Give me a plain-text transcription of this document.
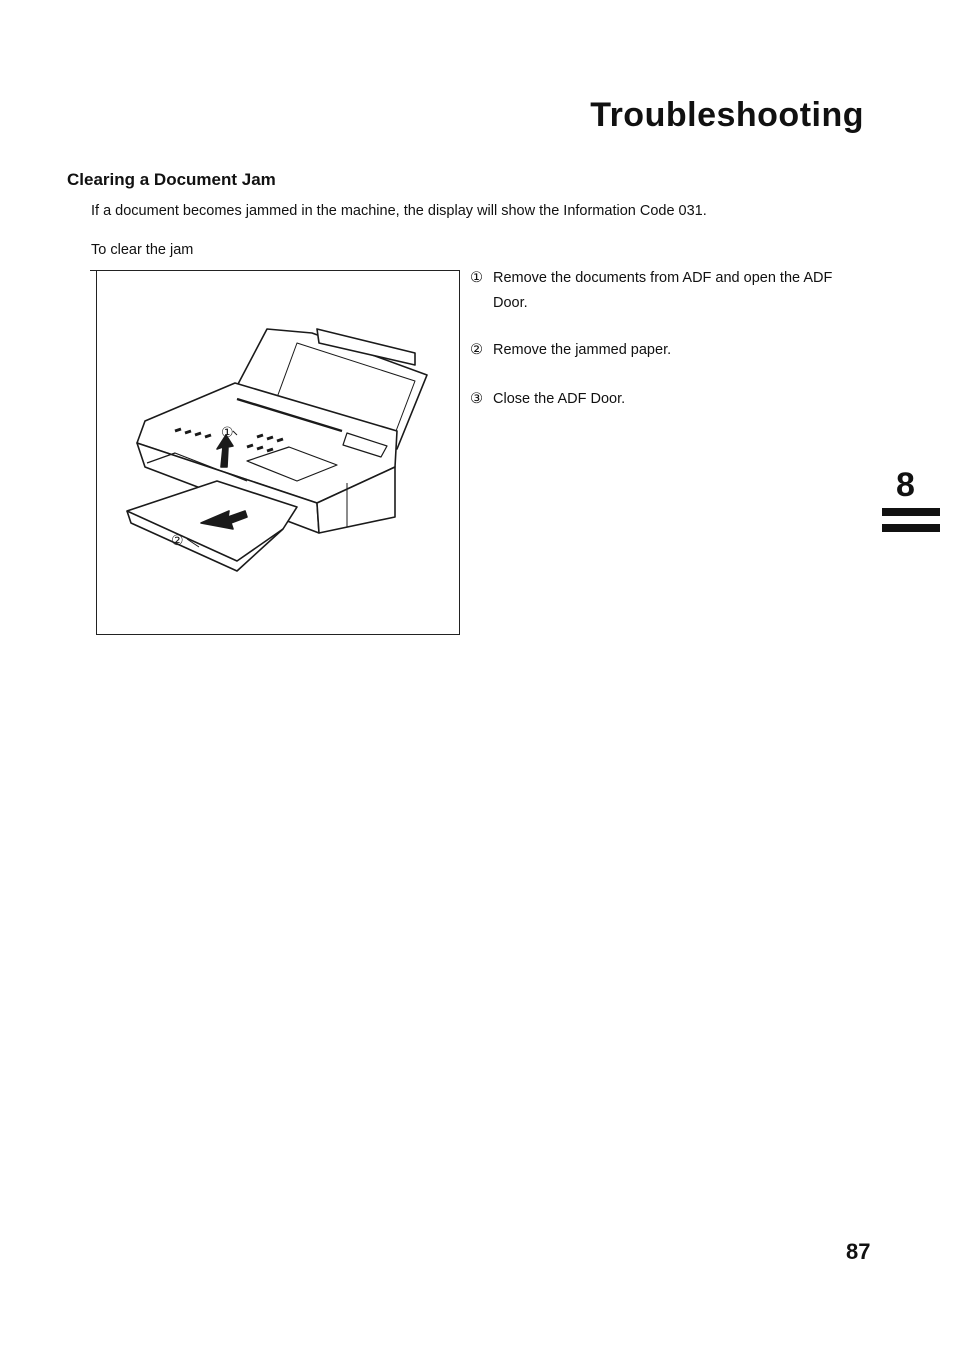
Troubleshooting
Clearing a Document Jam

If a document becomes jammed in the machine, the display will show the Information Code 031.

To clear the jam

①
②
① Remove the documents from ADF and open the ADF Door.
② Remove the jammed paper.
③ Close the ADF Door.
8
87
